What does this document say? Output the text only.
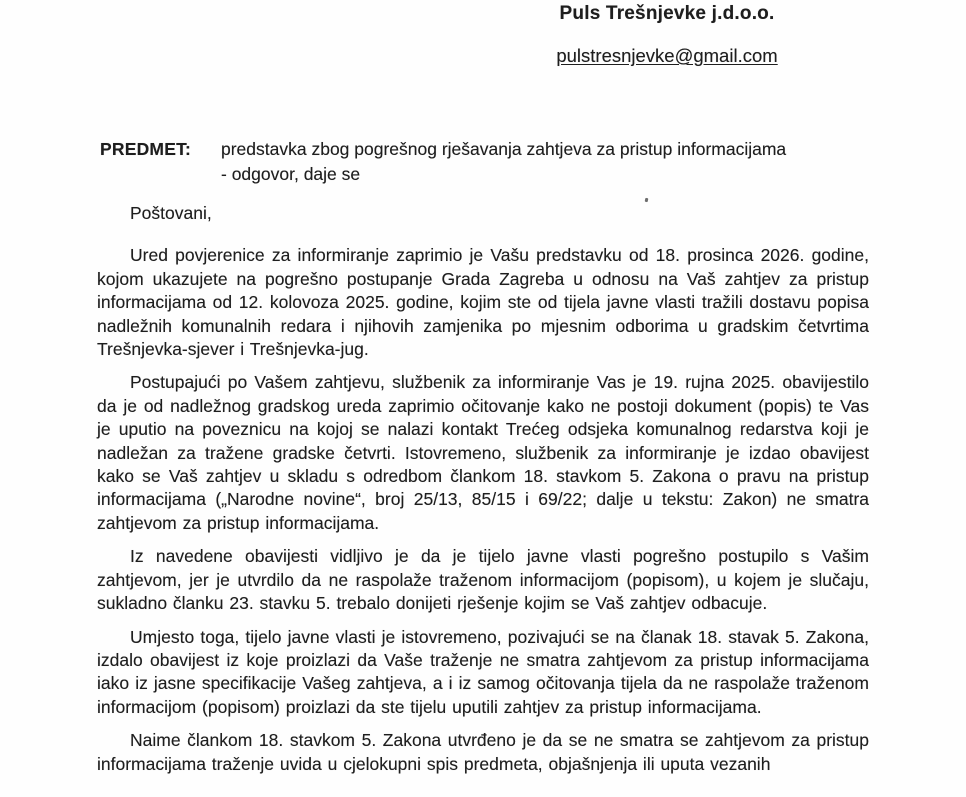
Puls Trešnjevke j.d.o.o.
pulstresnjevke@gmail.com
PREDMET:	predstavka zbog pogrešnog rješavanja zahtjeva za pristup informacijama
- odgovor, daje se
Poštovani,

Ured povjerenice za informiranje zaprimio je Vašu predstavku od 18. prosinca 2026. godine, kojom ukazujete na pogrešno postupanje Grada Zagreba u odnosu na Vaš zahtjev za pristup informacijama od 12. kolovoza 2025. godine, kojim ste od tijela javne vlasti tražili dostavu popisa nadležnih komunalnih redara i njihovih zamjenika po mjesnim odborima u gradskim četvrtima Trešnjevka-sjever i Trešnjevka-jug.

Postupajući po Vašem zahtjevu, službenik za informiranje Vas je 19. rujna 2025. obavijestilo da je od nadležnog gradskog ureda zaprimio očitovanje kako ne postoji dokument (popis) te Vas je uputio na poveznicu na kojoj se nalazi kontakt Trećeg odsjeka komunalnog redarstva koji je nadležan za tražene gradske četvrti. Istovremeno, službenik za informiranje je izdao obavijest kako se Vaš zahtjev u skladu s odredbom člankom 18. stavkom 5. Zakona o pravu na pristup informacijama („Narodne novine“, broj 25/13, 85/15 i 69/22; dalje u tekstu: Zakon) ne smatra zahtjevom za pristup informacijama.

Iz navedene obavijesti vidljivo je da je tijelo javne vlasti pogrešno postupilo s Vašim zahtjevom, jer je utvrdilo da ne raspolaže traženom informacijom (popisom), u kojem je slučaju, sukladno članku 23. stavku 5. trebalo donijeti rješenje kojim se Vaš zahtjev odbacuje.

Umjesto toga, tijelo javne vlasti je istovremeno, pozivajući se na članak 18. stavak 5. Zakona, izdalo obavijest iz koje proizlazi da Vaše traženje ne smatra zahtjevom za pristup informacijama iako iz jasne specifikacije Vašeg zahtjeva, a i iz samog očitovanja tijela da ne raspolaže traženom informacijom (popisom) proizlazi da ste tijelu uputili zahtjev za pristup informacijama.

Naime člankom 18. stavkom 5. Zakona utvrđeno je da se ne smatra se zahtjevom za pristup informacijama traženje uvida u cjelokupni spis predmeta, objašnjenja ili uputa vezanih
